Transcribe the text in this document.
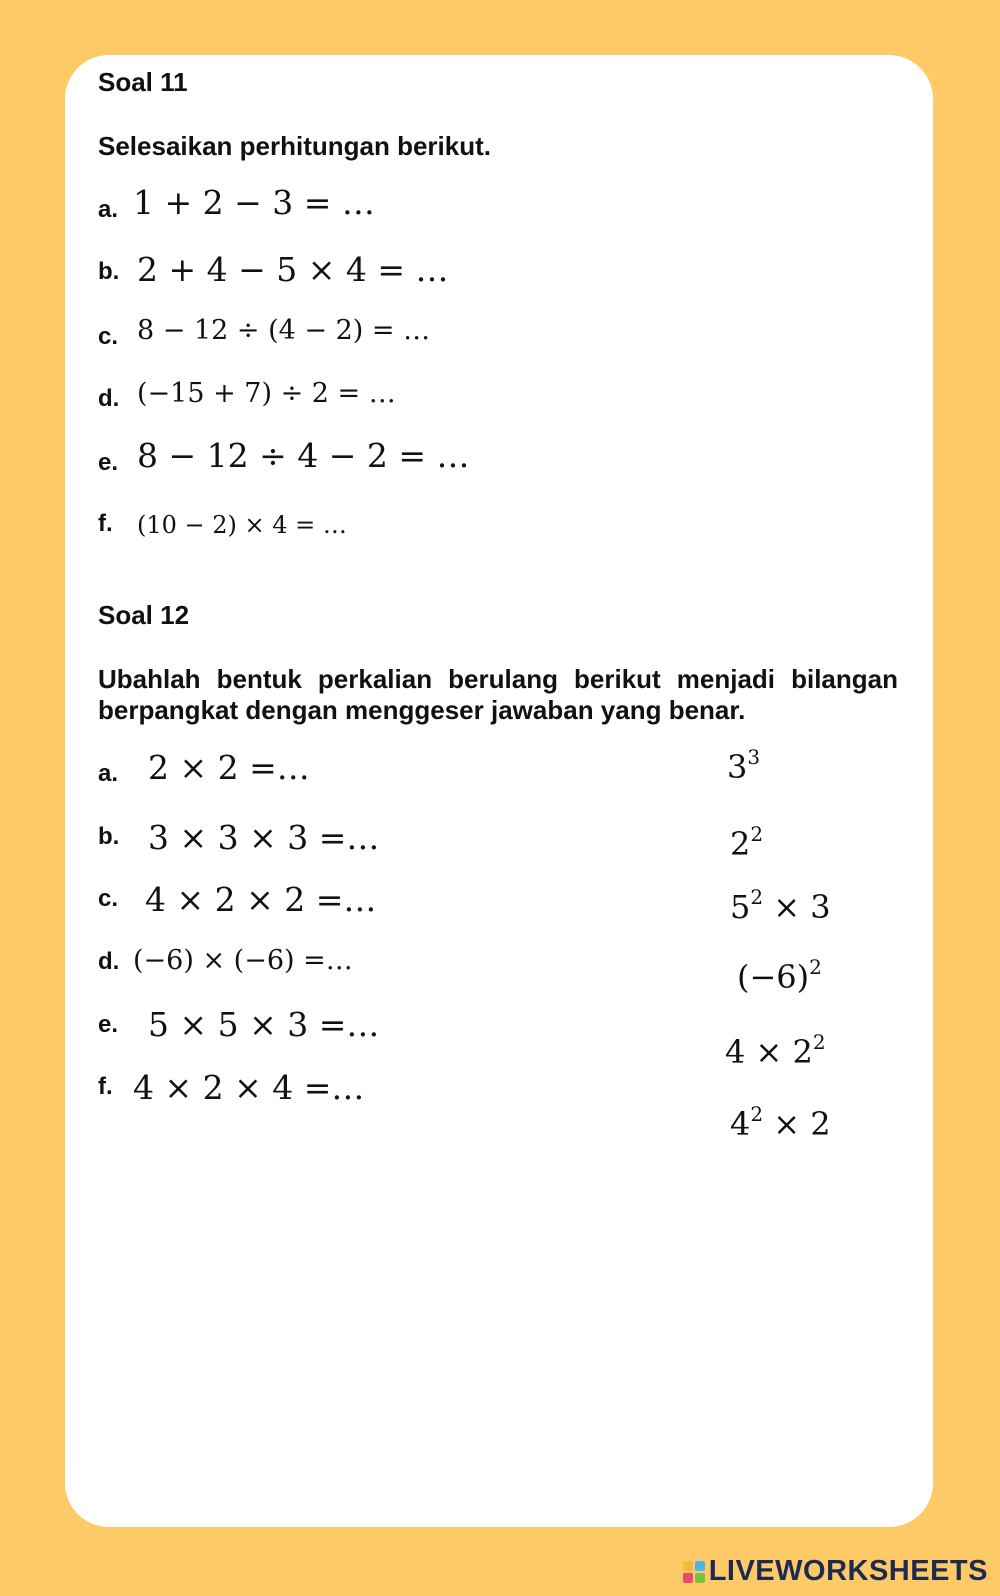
Soal 11
Selesaikan perhitungan berikut.
a. 1 + 2 − 3 = …
b. 2 + 4 − 5 × 4 = …
c. 8 − 12 ÷ (4 − 2) = …
d. (−15 + 7) ÷ 2 = …
e. 8 − 12 ÷ 4 − 2 = …
f. (10 − 2) × 4 = …
Soal 12
Ubahlah bentuk perkalian berulang berikut menjadi bilangan
berpangkat dengan menggeser jawaban yang benar.
a. 2 × 2 =…
b. 3 × 3 × 3 =…
c. 4 × 2 × 2 =…
d. (−6) × (−6) =…
e. 5 × 5 × 3 =…
f. 4 × 2 × 4 =…
$3^3$
$2^2$
$5^2 \times 3$
$(-6)^2$
$4 \times 2^2$
$4^2 \times 2$
LIVEWORKSHEETS
